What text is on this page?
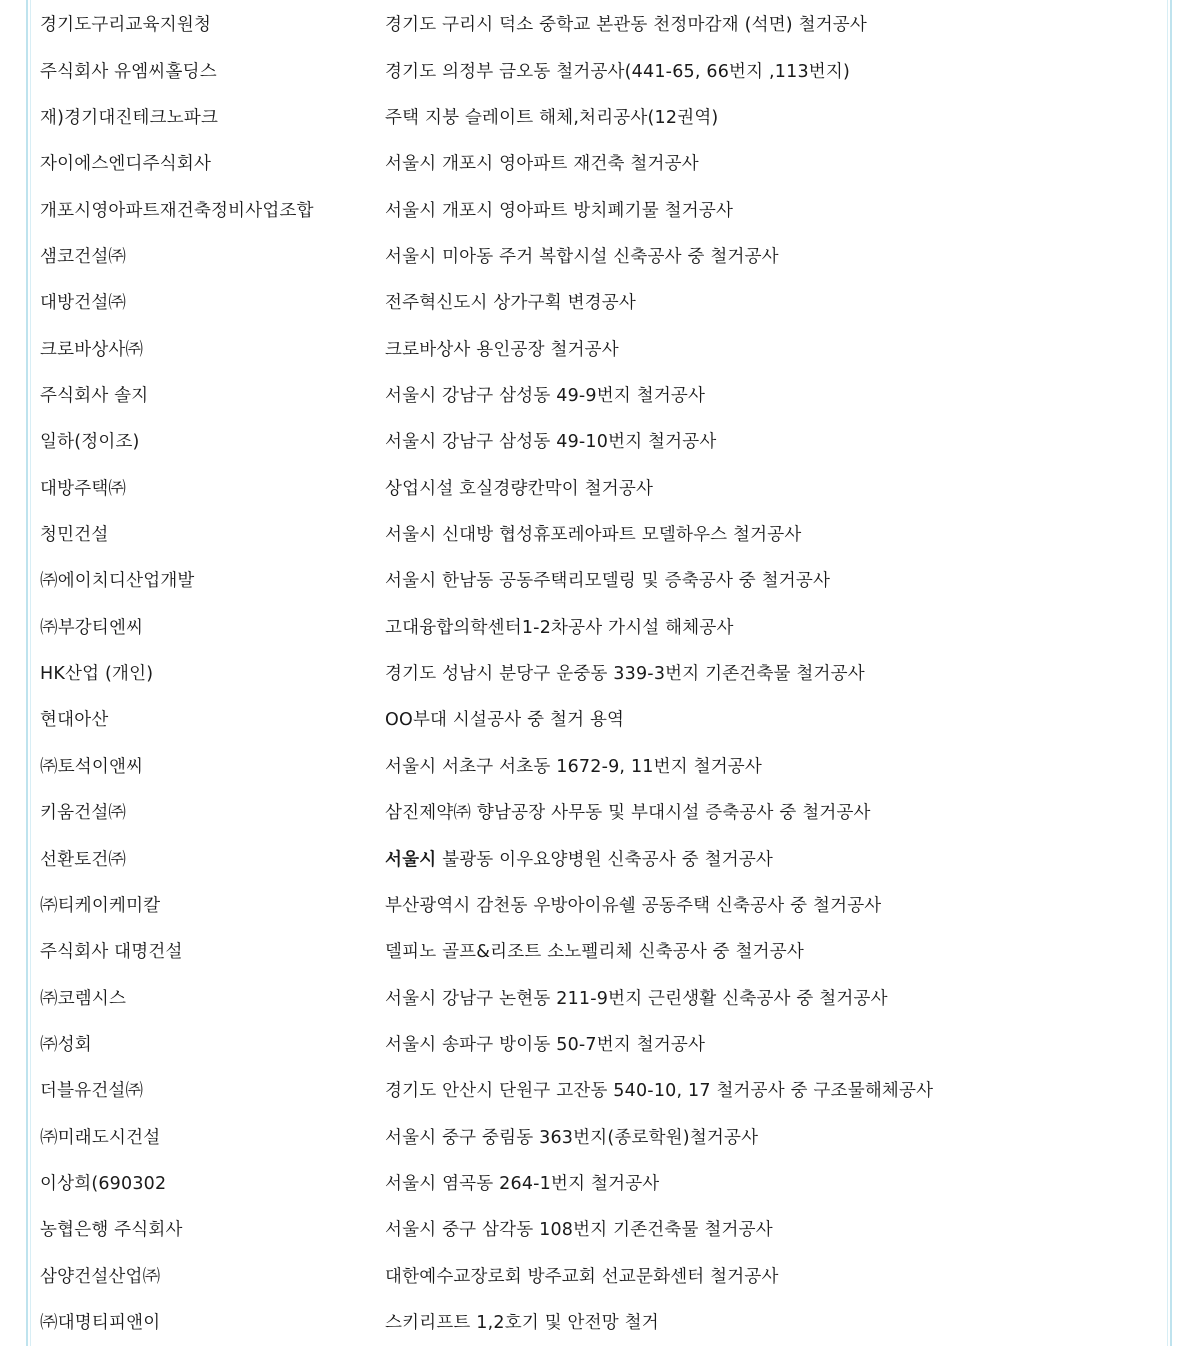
경기도구리교육지원청	경기도 구리시 덕소 중학교 본관동 천정마감재 (석면) 철거공사
주식회사 유엠씨홀딩스	경기도 의정부 금오동 철거공사(441-65, 66번지 ,113번지)
재)경기대진테크노파크	주택 지붕 슬레이트 해체,처리공사(12권역)
자이에스엔디주식회사	서울시 개포시 영아파트 재건축 철거공사
개포시영아파트재건축정비사업조합	서울시 개포시 영아파트 방치폐기물 철거공사
샘코건설㈜	서울시 미아동 주거 복합시설 신축공사 중 철거공사
대방건설㈜	전주혁신도시 상가구획 변경공사
크로바상사㈜	크로바상사 용인공장 철거공사
주식회사 솔지	서울시 강남구 삼성동 49-9번지 철거공사
일하(정이조)	서울시 강남구 삼성동 49-10번지 철거공사
대방주택㈜	상업시설 호실경량칸막이 철거공사
청민건설	서울시 신대방 협성휴포레아파트 모델하우스 철거공사
㈜에이치디산업개발	서울시 한남동 공동주택리모델링 및 증축공사 중 철거공사
㈜부강티엔씨	고대융합의학센터1-2차공사 가시설 해체공사
HK산업 (개인)	경기도 성남시 분당구 운중동 339-3번지 기존건축물 철거공사
현대아산	OO부대 시설공사 중 철거 용역
㈜토석이앤씨	서울시 서초구 서초동 1672-9, 11번지 철거공사
키움건설㈜	삼진제약㈜ 향남공장 사무동 및 부대시설 증축공사 중 철거공사
선환토건㈜	서울시 불광동 이우요양병원 신축공사 중 철거공사
㈜티케이케미칼	부산광역시 감천동 우방아이유쉘 공동주택 신축공사 중 철거공사
주식회사 대명건설	델피노 골프&리조트 소노펠리체 신축공사 중 철거공사
㈜코렘시스	서울시 강남구 논현동 211-9번지 근린생활 신축공사 중 철거공사
㈜성회	서울시 송파구 방이동 50-7번지 철거공사
더블유건설㈜	경기도 안산시 단원구 고잔동 540-10, 17 철거공사 중 구조물해체공사
㈜미래도시건설	서울시 중구 중림동 363번지(종로학원)철거공사
이상희(690302	서울시 염곡동 264-1번지 철거공사
농협은행 주식회사	서울시 중구 삼각동 108번지 기존건축물 철거공사
삼양건설산업㈜	대한예수교장로회 방주교회 선교문화센터 철거공사
㈜대명티피앤이	스키리프트 1,2호기 및 안전망 철거
